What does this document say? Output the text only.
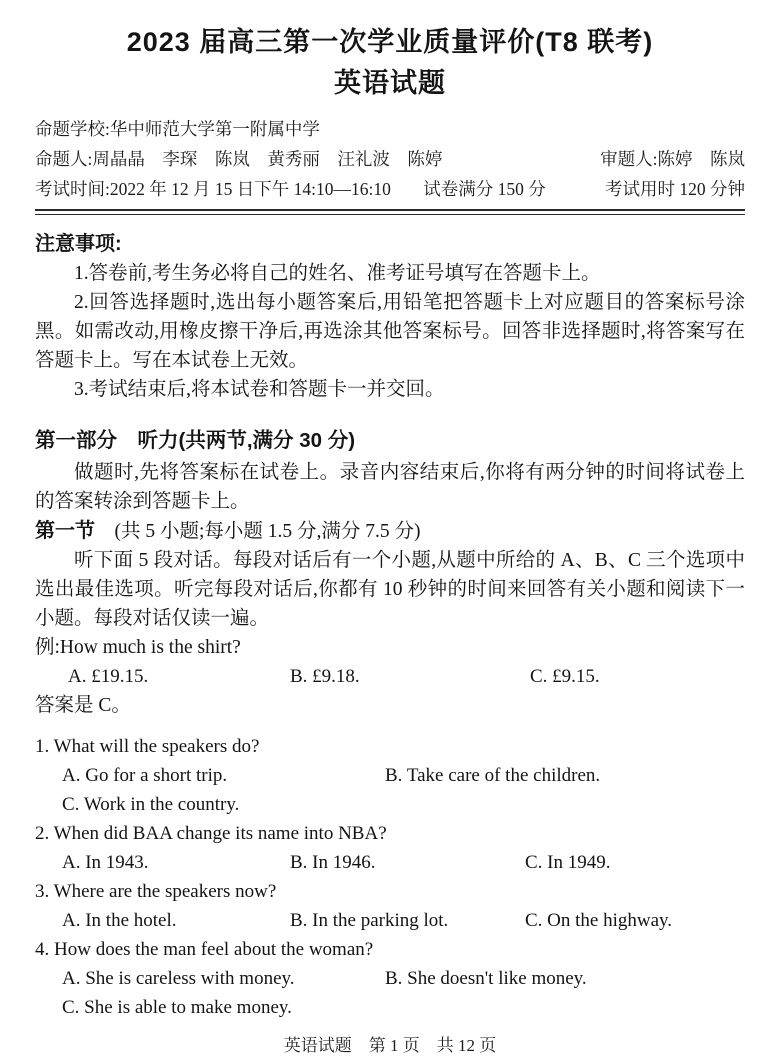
2023 届高三第一次学业质量评价(T8 联考)
英语试题
命题学校:华中师范大学第一附属中学
命题人:周晶晶　李琛　陈岚　黄秀丽　汪礼波　陈婷	审题人:陈婷　陈岚
考试时间:2022 年 12 月 15 日下午 14:10—16:10 试卷满分 150 分	考试用时 120 分钟

注意事项:

1.答卷前,考生务必将自己的姓名、准考证号填写在答题卡上。

2.回答选择题时,选出每小题答案后,用铅笔把答题卡上对应题目的答案标号涂黑。如需改动,用橡皮擦干净后,再选涂其他答案标号。回答非选择题时,将答案写在答题卡上。写在本试卷上无效。

3.考试结束后,将本试卷和答题卡一并交回。

第一部分　听力(共两节,满分 30 分)

做题时,先将答案标在试卷上。录音内容结束后,你将有两分钟的时间将试卷上的答案转涂到答题卡上。

第一节　(共 5 小题;每小题 1.5 分,满分 7.5 分)

听下面 5 段对话。每段对话后有一个小题,从题中所给的 A、B、C 三个选项中选出最佳选项。听完每段对话后,你都有 10 秒钟的时间来回答有关小题和阅读下一小题。每段对话仅读一遍。

例:How much is the shirt?

A. £19.15.	B. £9.18.	C. £9.15.

答案是 C。

1. What will the speakers do?

A. Go for a short trip.	B. Take care of the children.

C. Work in the country.

2. When did BAA change its name into NBA?

A. In 1943.	B. In 1946.	C. In 1949.

3. Where are the speakers now?

A. In the hotel.	B. In the parking lot.	C. On the highway.

4. How does the man feel about the woman?

A. She is careless with money.	B. She doesn't like money.

C. She is able to make money.

英语试题　第 1 页　共 12 页
